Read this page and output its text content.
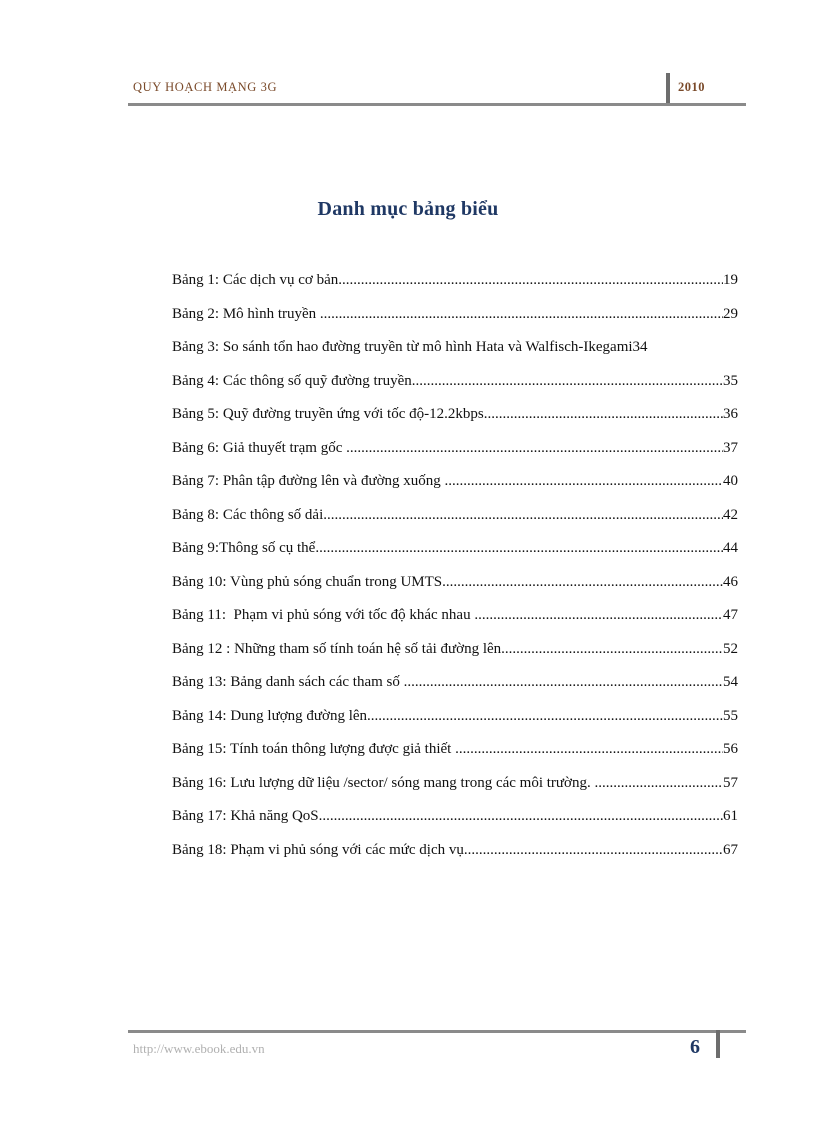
QUY HOẠCH MẠNG 3G	2010
Danh mục bảng biểu
Bảng 1: Các dịch vụ cơ bản .....	19
Bảng 2: Mô hình truyền .....	29
Bảng 3: So sánh tổn hao đường truyền từ mô hình Hata và Walfisch-Ikegami 34
Bảng 4: Các thông số quỹ đường truyền .....	35
Bảng 5: Quỹ đường truyền ứng với tốc độ-12.2kbps .....	36
Bảng 6: Giả thuyết trạm gốc .....	37
Bảng 7: Phân tập đường lên và đường xuống .....	40
Bảng 8: Các thông số dải .....	42
Bảng 9:Thông số cụ thể .....	44
Bảng 10: Vùng phủ sóng chuẩn trong UMTS .....	46
Bảng 11:  Phạm vi phủ sóng với tốc độ khác nhau .....	47
Bảng 12 : Những tham số tính toán hệ số tải đường lên .....	52
Bảng 13: Bảng danh sách các tham số .....	54
Bảng 14: Dung lượng đường lên .....	55
Bảng 15: Tính toán thông lượng được giả thiết .....	56
Bảng 16: Lưu lượng dữ liệu /sector/ sóng mang trong các môi trường. .....	57
Bảng 17: Khả năng QoS .....	61
Bảng 18: Phạm vi phủ sóng với các mức dịch vụ .....	67
http://www.ebook.edu.vn	6
